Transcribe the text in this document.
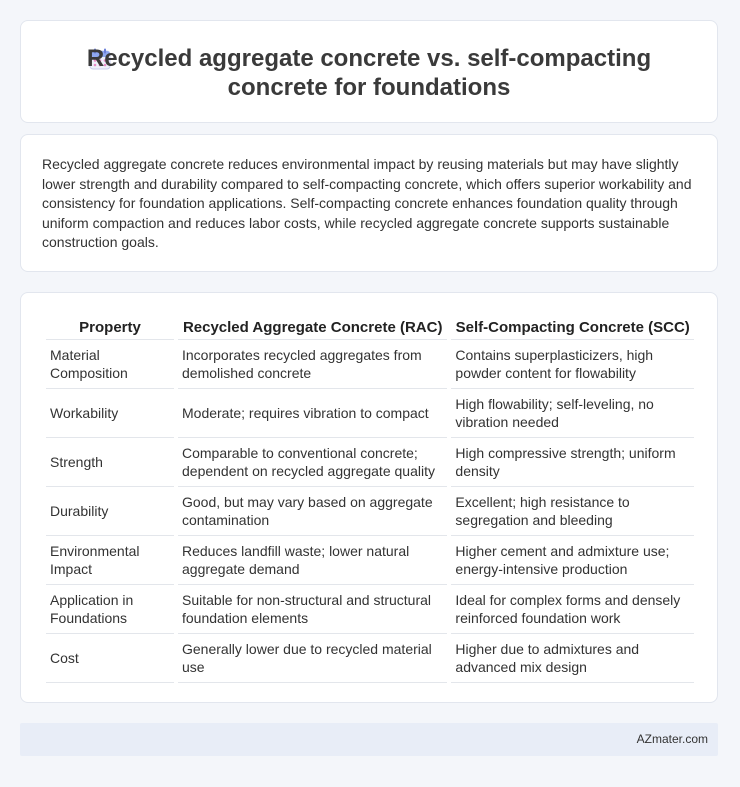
Recycled aggregate concrete vs. self-compacting concrete for foundations

Recycled aggregate concrete reduces environmental impact by reusing materials but may have slightly lower strength and durability compared to self-compacting concrete, which offers superior workability and consistency for foundation applications. Self-compacting concrete enhances foundation quality through uniform compaction and reduces labor costs, while recycled aggregate concrete supports sustainable construction goals.

Property	Recycled Aggregate Concrete (RAC)	Self-Compacting Concrete (SCC)
Material Composition	Incorporates recycled aggregates from demolished concrete	Contains superplasticizers, high powder content for flowability
Workability	Moderate; requires vibration to compact	High flowability; self-leveling, no vibration needed
Strength	Comparable to conventional concrete; dependent on recycled aggregate quality	High compressive strength; uniform density
Durability	Good, but may vary based on aggregate contamination	Excellent; high resistance to segregation and bleeding
Environmental Impact	Reduces landfill waste; lower natural aggregate demand	Higher cement and admixture use; energy-intensive production
Application in Foundations	Suitable for non-structural and structural foundation elements	Ideal for complex forms and densely reinforced foundation work
Cost	Generally lower due to recycled material use	Higher due to admixtures and advanced mix design
AZmater.com
